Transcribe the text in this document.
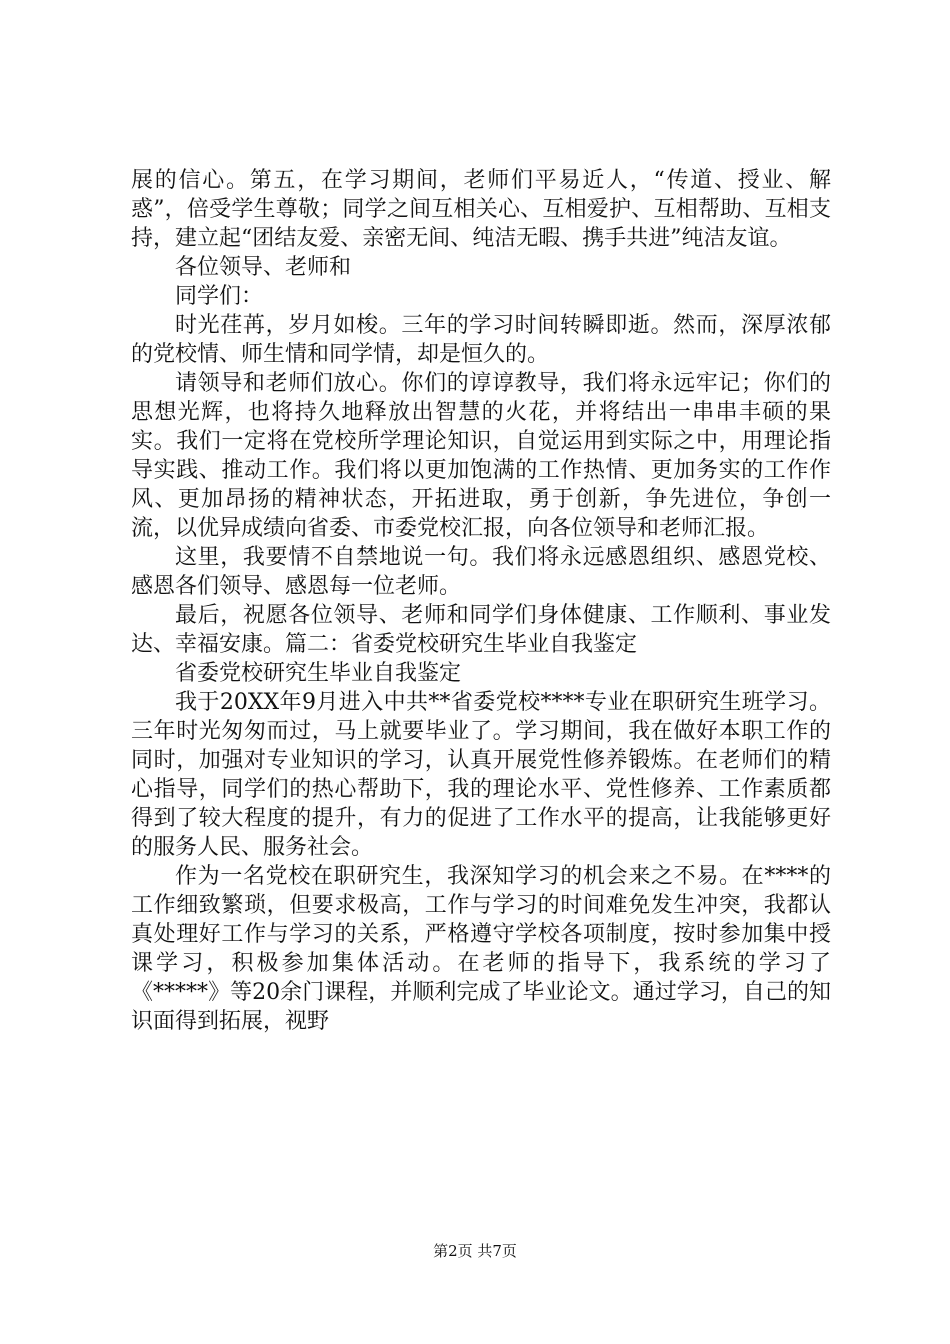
展的信心。第五，在学习期间，老师们平易近人，“传道、授业、解惑”，倍受学生尊敬；同学之间互相关心、互相爱护、互相帮助、互相支持，建立起“团结友爱、亲密无间、纯洁无暇、携手共进”纯洁友谊。

各位领导、老师和

同学们：

时光荏苒，岁月如梭。三年的学习时间转瞬即逝。然而，深厚浓郁的党校情、师生情和同学情，却是恒久的。

请领导和老师们放心。你们的谆谆教导，我们将永远牢记；你们的思想光辉，也将持久地释放出智慧的火花，并将结出一串串丰硕的果实。我们一定将在党校所学理论知识，自觉运用到实际之中，用理论指导实践、推动工作。我们将以更加饱满的工作热情、更加务实的工作作风、更加昂扬的精神状态，开拓进取，勇于创新，争先进位，争创一流，以优异成绩向省委、市委党校汇报，向各位领导和老师汇报。

这里，我要情不自禁地说一句。我们将永远感恩组织、感恩党校、感恩各们领导、感恩每一位老师。

最后，祝愿各位领导、老师和同学们身体健康、工作顺利、事业发达、幸福安康。篇二：省委党校研究生毕业自我鉴定

省委党校研究生毕业自我鉴定

我于20XX年9月进入中共**省委党校****专业在职研究生班学习。三年时光匆匆而过，马上就要毕业了。学习期间，我在做好本职工作的同时，加强对专业知识的学习，认真开展党性修养锻炼。在老师们的精心指导，同学们的热心帮助下，我的理论水平、党性修养、工作素质都得到了较大程度的提升，有力的促进了工作水平的提高，让我能够更好的服务人民、服务社会。

作为一名党校在职研究生，我深知学习的机会来之不易。在****的工作细致繁琐，但要求极高，工作与学习的时间难免发生冲突，我都认真处理好工作与学习的关系，严格遵守学校各项制度，按时参加集中授课学习，积极参加集体活动。在老师的指导下，我系统的学习了《*****》等20余门课程，并顺利完成了毕业论文。通过学习，自己的知识面得到拓展，视野

第2页 共7页
